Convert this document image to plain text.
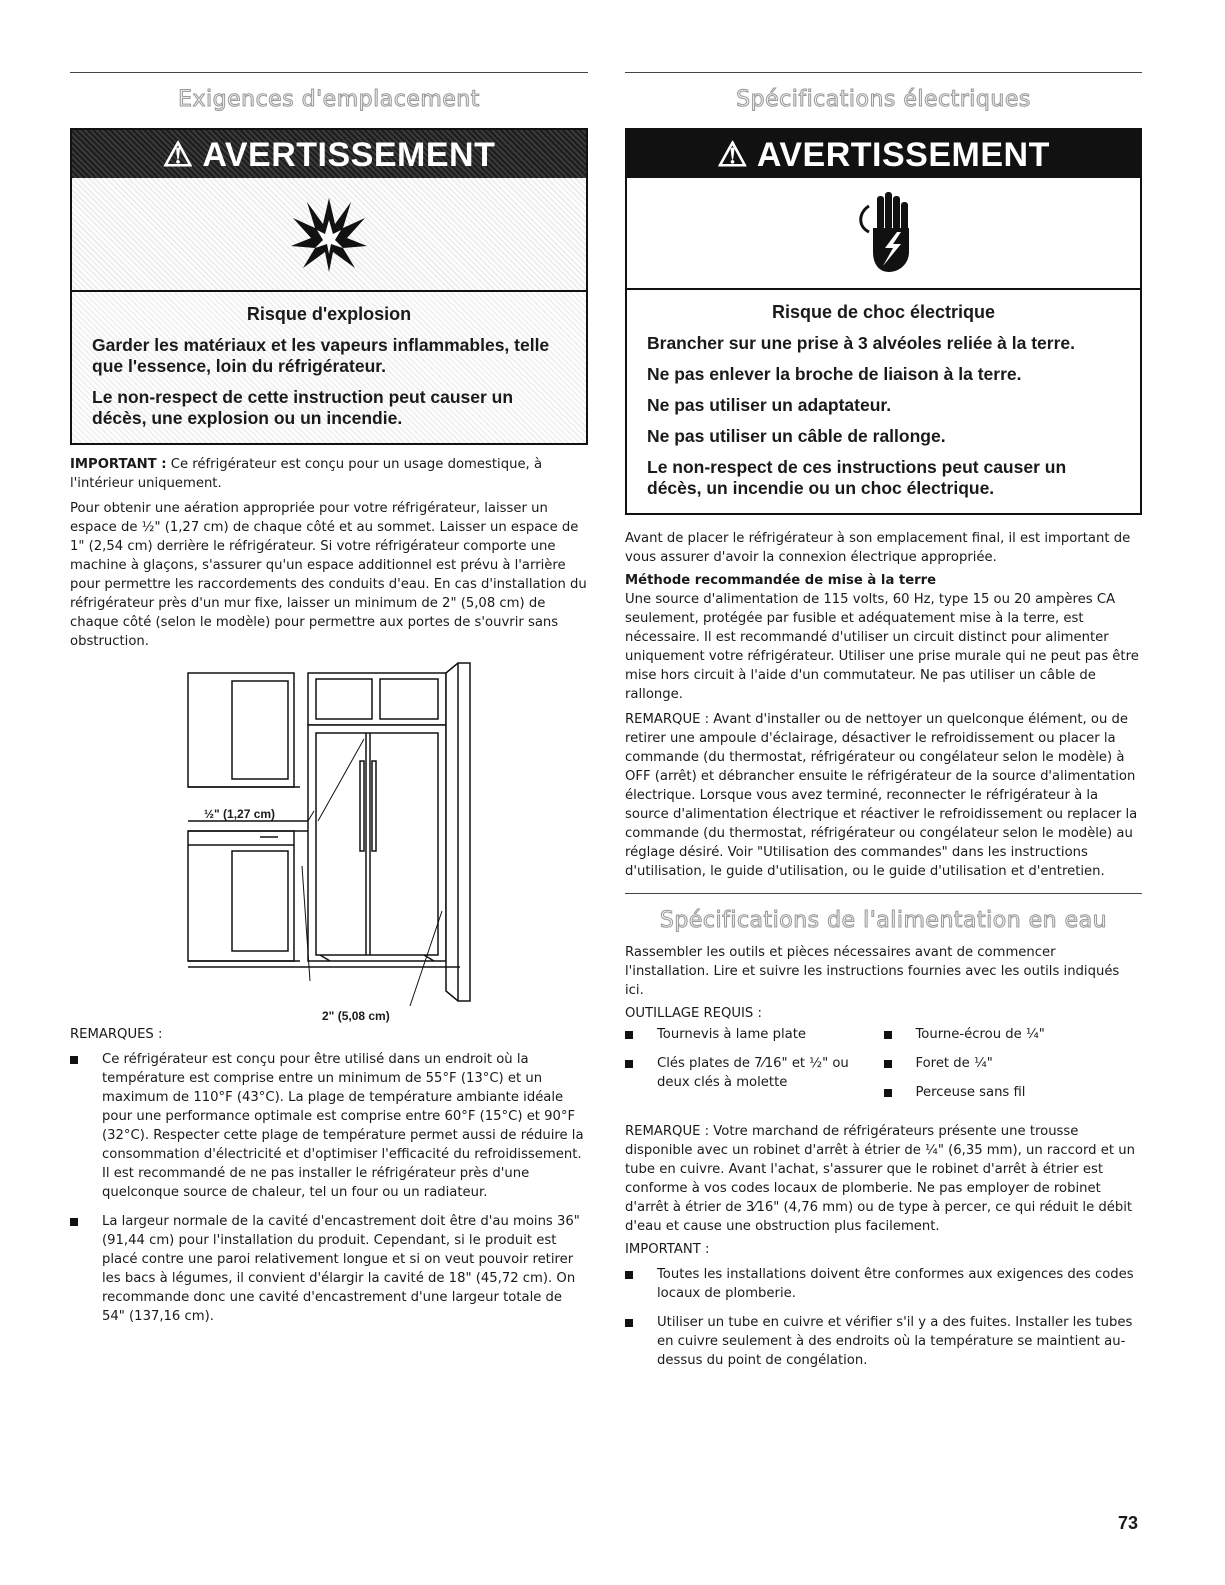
Exigences d'emplacement
⚠ AVERTISSEMENT
Risque d'explosion
Garder les matériaux et les vapeurs inflammables, telle que l'essence, loin du réfrigérateur.
Le non-respect de cette instruction peut causer un décès, une explosion ou un incendie.

IMPORTANT : Ce réfrigérateur est conçu pour un usage domestique, à l'intérieur uniquement.

Pour obtenir une aération appropriée pour votre réfrigérateur, laisser un espace de ½" (1,27 cm) de chaque côté et au sommet. Laisser un espace de 1" (2,54 cm) derrière le réfrigérateur. Si votre réfrigérateur comporte une machine à glaçons, s'assurer qu'un espace additionnel est prévu à l'arrière pour permettre les raccordements des conduits d'eau. En cas d'installation du réfrigérateur près d'un mur fixe, laisser un minimum de 2" (5,08 cm) de chaque côté (selon le modèle) pour permettre aux portes de s'ouvrir sans obstruction.

½" (1,27 cm)
2" (5,08 cm)
REMARQUES :
Ce réfrigérateur est conçu pour être utilisé dans un endroit où la température est comprise entre un minimum de 55°F (13°C) et un maximum de 110°F (43°C). La plage de température ambiante idéale pour une performance optimale est comprise entre 60°F (15°C) et 90°F (32°C). Respecter cette plage de température permet aussi de réduire la consommation d'électricité et d'optimiser l'efficacité du refroidissement. Il est recommandé de ne pas installer le réfrigérateur près d'une quelconque source de chaleur, tel un four ou un radiateur.
La largeur normale de la cavité d'encastrement doit être d'au moins 36" (91,44 cm) pour l'installation du produit. Cependant, si le produit est placé contre une paroi relativement longue et si on veut pouvoir retirer les bacs à légumes, il convient d'élargir la cavité de 18" (45,72 cm). On recommande donc une cavité d'encastrement d'une largeur totale de 54" (137,16 cm).
Spécifications électriques
⚠ AVERTISSEMENT
Risque de choc électrique
Brancher sur une prise à 3 alvéoles reliée à la terre.
Ne pas enlever la broche de liaison à la terre.
Ne pas utiliser un adaptateur.
Ne pas utiliser un câble de rallonge.
Le non-respect de ces instructions peut causer un décès, un incendie ou un choc électrique.

Avant de placer le réfrigérateur à son emplacement final, il est important de vous assurer d'avoir la connexion électrique appropriée.

Méthode recommandée de mise à la terre

Une source d'alimentation de 115 volts, 60 Hz, type 15 ou 20 ampères CA seulement, protégée par fusible et adéquatement mise à la terre, est nécessaire. Il est recommandé d'utiliser un circuit distinct pour alimenter uniquement votre réfrigérateur. Utiliser une prise murale qui ne peut pas être mise hors circuit à l'aide d'un commutateur. Ne pas utiliser un câble de rallonge.

REMARQUE : Avant d'installer ou de nettoyer un quelconque élément, ou de retirer une ampoule d'éclairage, désactiver le refroidissement ou placer la commande (du thermostat, réfrigérateur ou congélateur selon le modèle) à OFF (arrêt) et débrancher ensuite le réfrigérateur de la source d'alimentation électrique. Lorsque vous avez terminé, reconnecter le réfrigérateur à la source d'alimentation électrique et réactiver le refroidissement ou replacer la commande (du thermostat, réfrigérateur ou congélateur selon le modèle) au réglage désiré. Voir "Utilisation des commandes" dans les instructions d'utilisation, le guide d'utilisation, ou le guide d'utilisation et d'entretien.

Spécifications de l'alimentation en eau

Rassembler les outils et pièces nécessaires avant de commencer l'installation. Lire et suivre les instructions fournies avec les outils indiqués ici.

OUTILLAGE REQUIS :
Tournevis à lame plate
Clés plates de 7⁄16" et ½" ou deux clés à molette
Tourne-écrou de ¼"
Foret de ¼"
Perceuse sans fil

REMARQUE : Votre marchand de réfrigérateurs présente une trousse disponible avec un robinet d'arrêt à étrier de ¼" (6,35 mm), un raccord et un tube en cuivre. Avant l'achat, s'assurer que le robinet d'arrêt à étrier est conforme à vos codes locaux de plomberie. Ne pas employer de robinet d'arrêt à étrier de 3⁄16" (4,76 mm) ou de type à percer, ce qui réduit le débit d'eau et cause une obstruction plus facilement.

IMPORTANT :
Toutes les installations doivent être conformes aux exigences des codes locaux de plomberie.
Utiliser un tube en cuivre et vérifier s'il y a des fuites. Installer les tubes en cuivre seulement à des endroits où la température se maintient au-dessus du point de congélation.
73
